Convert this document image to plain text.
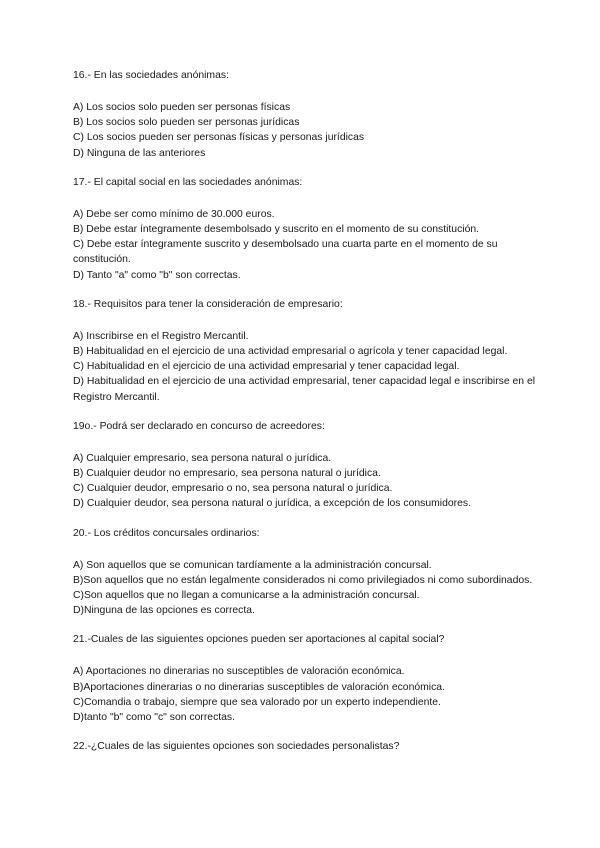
16.- En las sociedades anónimas:
A) Los socios solo pueden ser personas físicas
B) Los socios solo pueden ser personas jurídicas
C) Los socios pueden ser personas físicas y personas jurídicas
D) Ninguna de las anteriores
17.- El capital social en las sociedades anónimas:
A) Debe ser como mínimo de 30.000 euros.
B) Debe estar íntegramente desembolsado y suscrito en el momento de su constitución.
C) Debe estar íntegramente suscrito y desembolsado una cuarta parte en el momento de su constitución.
D) Tanto "a" como "b" son correctas.
18.- Requisitos para tener la consideración de empresario:
A) Inscribirse en el Registro Mercantil.
B) Habitualidad en el ejercicio de una actividad empresarial o agrícola y tener capacidad legal.
C) Habitualidad en el ejercicio de una actividad empresarial y tener capacidad legal.
D) Habitualidad en el ejercicio de una actividad empresarial, tener capacidad legal e inscribirse en el Registro Mercantil.
19o.- Podrá ser declarado en concurso de acreedores:
A) Cualquier empresario, sea persona natural o jurídica.
B) Cualquier deudor no empresario, sea persona natural o jurídica.
C) Cualquier deudor, empresario o no, sea persona natural o jurídica.
D) Cualquier deudor, sea persona natural o jurídica, a excepción de los consumidores.
20.- Los créditos concursales ordinarios:
A) Son aquellos que se comunican tardíamente a la administración concursal.
B)Son aquellos que no están legalmente considerados ni como privilegiados ni como subordinados.
C)Son aquellos que no llegan a comunicarse a la administración concursal.
D)Ninguna de las opciones es correcta.
21.-Cuales de las siguientes opciones pueden ser aportaciones al capital social?
A) Aportaciones no dinerarias no susceptibles de valoración económica.
B)Aportaciones dinerarias o no dinerarias susceptibles de valoración económica.
C)Comandia o trabajo, siempre que sea valorado por un experto independiente.
D)tanto "b" como "c" son correctas.
22.-¿Cuales de las siguientes opciones son sociedades personalistas?
